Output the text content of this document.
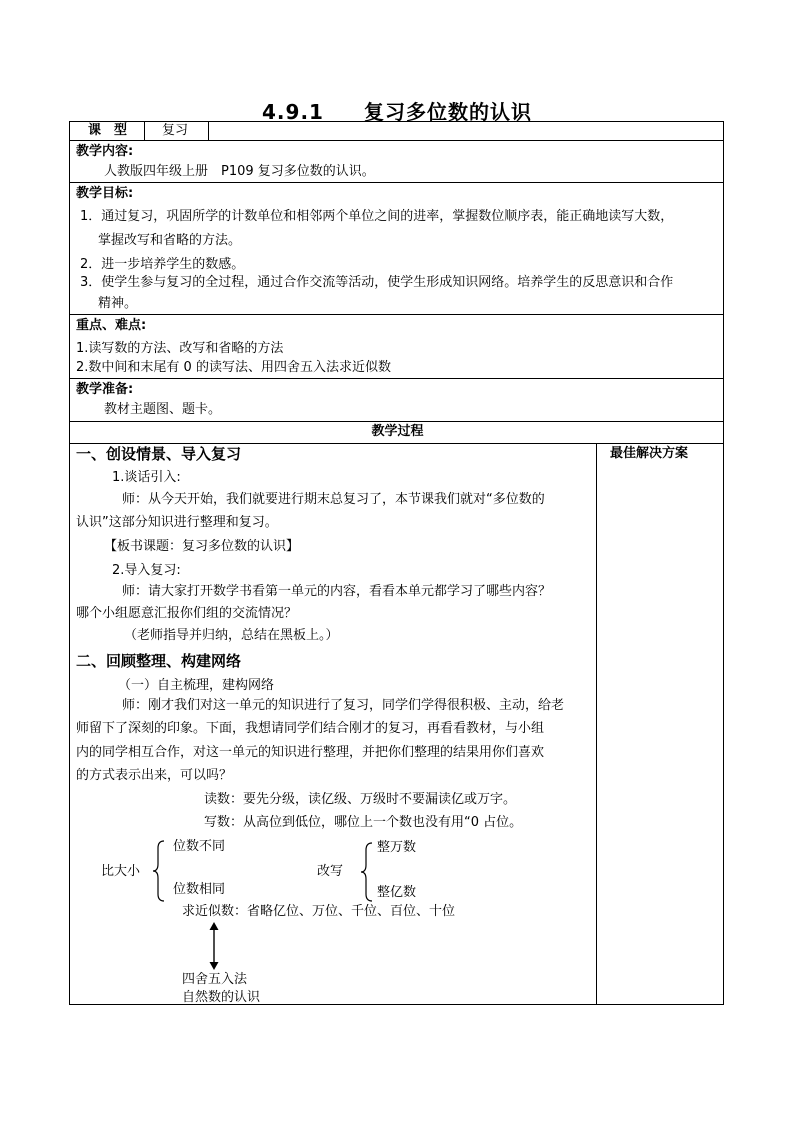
4.9.1 复习多位数的认识
课　型	复习
教学内容:
人教版四年级上册　P109 复习多位数的认识。
教学目标:
1．通过复习，巩固所学的计数单位和相邻两个单位之间的进率，掌握数位顺序表，能正确地读写大数，
掌握改写和省略的方法。
2．进一步培养学生的数感。
3．使学生参与复习的全过程，通过合作交流等活动，使学生形成知识网络。培养学生的反思意识和合作
精神。
重点、难点:
1.读写数的方法、改写和省略的方法
2.数中间和末尾有 0 的读写法、用四舍五入法求近似数
教学准备:
教材主题图、题卡。
教学过程
最佳解决方案
一、创设情景、导入复习
1.谈话引入:
师：从今天开始，我们就要进行期末总复习了，本节课我们就对“多位数的
认识”这部分知识进行整理和复习。
【板书课题：复习多位数的认识】
2.导入复习:
师：请大家打开数学书看第一单元的内容，看看本单元都学习了哪些内容？
哪个小组愿意汇报你们组的交流情况？
（老师指导并归纳，总结在黑板上。）
二、回顾整理、构建网络
（一）自主梳理，建构网络
师：刚才我们对这一单元的知识进行了复习，同学们学得很积极、主动，给老
师留下了深刻的印象。下面，我想请同学们结合刚才的复习，再看看教材，与小组
内的同学相互合作，对这一单元的知识进行整理，并把你们整理的结果用你们喜欢
的方式表示出来，可以吗？
读数：要先分级，读亿级、万级时不要漏读亿或万字。
写数：从高位到低位，哪位上一个数也没有用“0 占位。
比大小
位数不同
位数相同
改写
整万数
整亿数
求近似数：省略亿位、万位、千位、百位、十位
四舍五入法
自然数的认识
